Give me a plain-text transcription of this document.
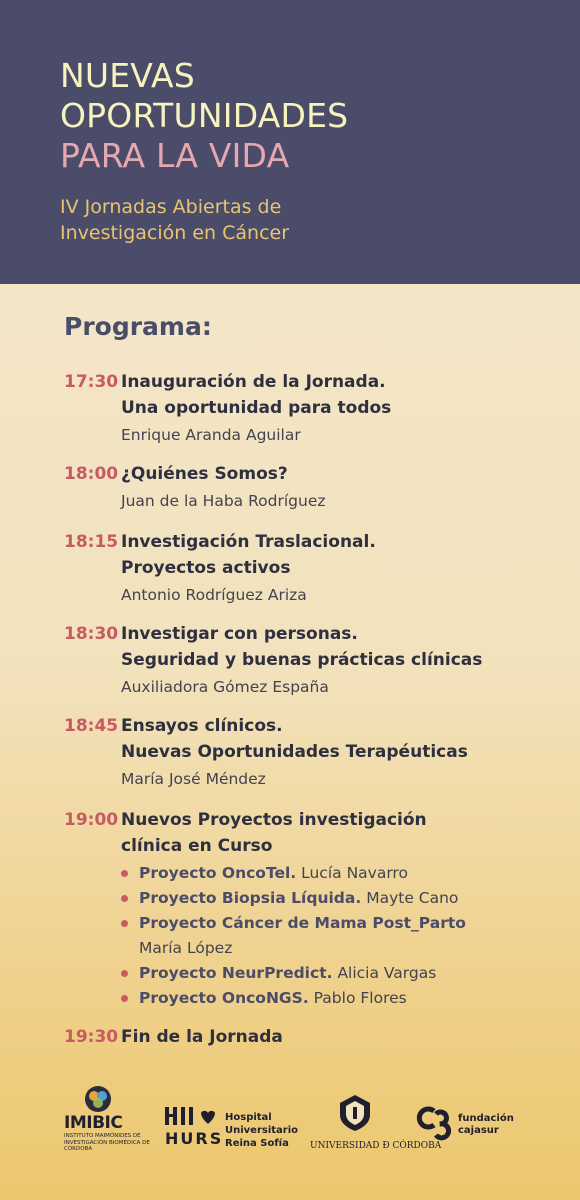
NUEVAS
OPORTUNIDADES
PARA LA VIDA
IV Jornadas Abiertas de
Investigación en Cáncer
Programa:
17:30 Inauguración de la Jornada.
Una oportunidad para todos
Enrique Aranda Aguilar
18:00 ¿Quiénes Somos?
Juan de la Haba Rodríguez
18:15 Investigación Traslacional.
Proyectos activos
Antonio Rodríguez Ariza
18:30 Investigar con personas.
Seguridad y buenas prácticas clínicas
Auxiliadora Gómez España
18:45 Ensayos clínicos.
Nuevas Oportunidades Terapéuticas
María José Méndez
19:00 Nuevos Proyectos investigación
clínica en Curso
Proyecto OncoTel. Lucía Navarro
Proyecto Biopsia Líquida. Mayte Cano
Proyecto Cáncer de Mama Post_Parto
María López
Proyecto NeurPredict. Alicia Vargas
Proyecto OncoNGS. Pablo Flores
19:30 Fin de la Jornada
IMIBIC
INSTITUTO MAIMÓNIDES DE INVESTIGACIÓN BIOMÉDICA DE CÓRDOBA
HURS
Hospital
Universitario
Reina Sofía	UNIVERSIDAD Ð CÓRDOBA
fundación
cajasur
